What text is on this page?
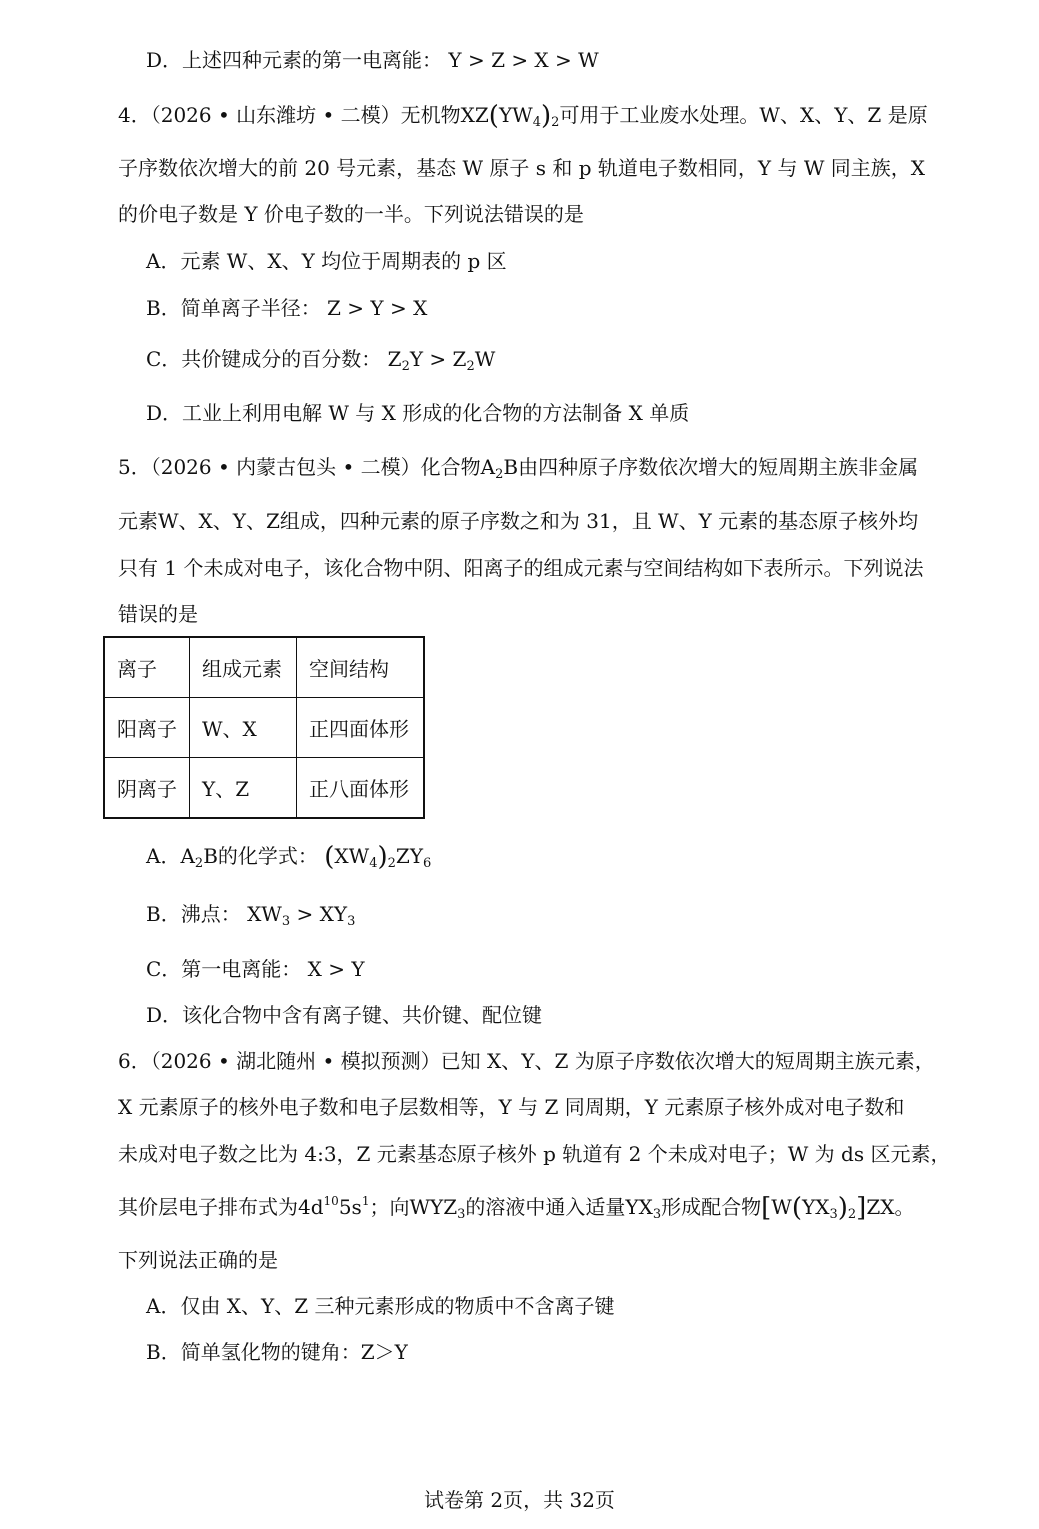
D．上述四种元素的第一电离能： Y > Z > X > W
4．（2026 • 山东潍坊 • 二模）无机物$XZ(YW_4)_2$可用于工业废水处理。W、X、Y、Z 是原
子序数依次增大的前 20 号元素，基态 W 原子 s 和 p 轨道电子数相同，Y 与 W 同主族，X
的价电子数是 Y 价电子数的一半。下列说法错误的是
A．元素 W、X、Y 均位于周期表的 p 区
B．简单离子半径： Z > Y > X
C．共价键成分的百分数： $Z_2Y > Z_2W$
D．工业上利用电解 W 与 X 形成的化合物的方法制备 X 单质
5．（2026 • 内蒙古包头 • 二模）化合物$A_2B$由四种原子序数依次增大的短周期主族非金属
元素W、X、Y、Z组成，四种元素的原子序数之和为 31，且 W、Y 元素的基态原子核外均
只有 1 个未成对电子，该化合物中阴、阳离子的组成元素与空间结构如下表所示。下列说法
错误的是
离子	组成元素	空间结构
阳离子	W、X	正四面体形
阴离子	Y、Z	正八面体形
A．$A_2B$的化学式： $(XW_4)_2ZY_6$
B．沸点： $XW_3 > XY_3$
C．第一电离能： X > Y
D．该化合物中含有离子键、共价键、配位键
6．（2026 • 湖北随州 • 模拟预测）已知 X、Y、Z 为原子序数依次增大的短周期主族元素，
X 元素原子的核外电子数和电子层数相等，Y 与 Z 同周期，Y 元素原子核外成对电子数和
未成对电子数之比为 4:3，Z 元素基态原子核外 p 轨道有 2 个未成对电子；W 为 ds 区元素，
其价层电子排布式为$4d^{10}5s^1$；向$WYZ_3$的溶液中通入适量$YX_3$形成配合物$[W(YX_3)_2]ZX$。
下列说法正确的是
A．仅由 X、Y、Z 三种元素形成的物质中不含离子键
B．简单氢化物的键角：Z＞Y
试卷第 2页，共 32页
